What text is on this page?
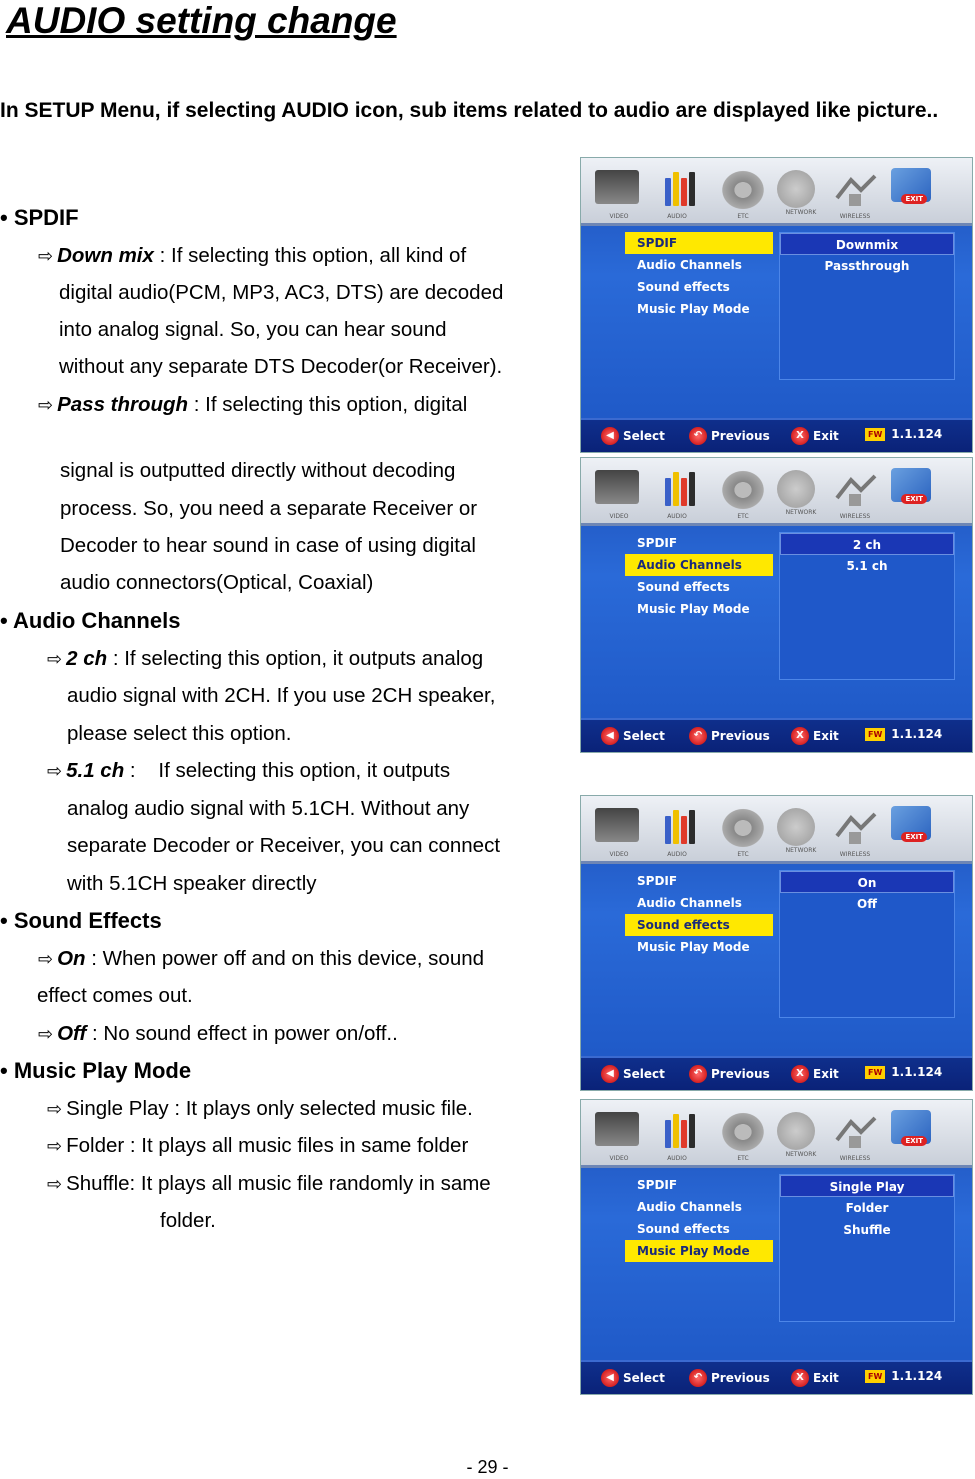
AUDIO setting change
In SETUP Menu, if selecting AUDIO icon, sub items related to audio are displayed like picture..
• SPDIF
⇨ Down mix : If selecting this option, all kind of
digital audio(PCM, MP3, AC3, DTS) are decoded
into analog signal. So, you can hear sound
without any separate DTS Decoder(or Receiver).
⇨ Pass through : If selecting this option, digital
signal is outputted directly without decoding
process. So, you need a separate Receiver or
Decoder to hear sound in case of using digital
audio connectors(Optical, Coaxial)
• Audio Channels
⇨ 2 ch : If selecting this option, it outputs analog
audio signal with 2CH. If you use 2CH speaker,
please select this option.
⇨ 5.1 ch :    If selecting this option, it outputs
analog audio signal with 5.1CH. Without any
separate Decoder or Receiver, you can connect
with 5.1CH speaker directly
• Sound Effects
⇨ On : When power off and on this device, sound
effect comes out.
⇨ Off : No sound effect in power on/off..
• Music Play Mode
⇨ Single Play : It plays only selected music file.
⇨ Folder : It plays all music files in same folder
⇨ Shuffle: It plays all music file randomly in same
folder.
- 29 -
VIDEO	AUDIO	ETC
NETWORK
WIRELESS
EXIT
SPDIF
Audio Channels
Sound effects
Music Play Mode
Downmix
Passthrough
◀ Select	↶ Previous	X Exit	FW 1.1.124
VIDEO	AUDIO	ETC
NETWORK
WIRELESS
EXIT
SPDIF
Audio Channels
Sound effects
Music Play Mode
2 ch
5.1 ch
◀ Select	↶ Previous	X Exit	FW 1.1.124
VIDEO	AUDIO	ETC
NETWORK
WIRELESS
EXIT
SPDIF
Audio Channels
Sound effects
Music Play Mode
On
Off
◀ Select	↶ Previous	X Exit	FW 1.1.124
VIDEO	AUDIO	ETC
NETWORK
WIRELESS
EXIT
SPDIF
Audio Channels
Sound effects
Music Play Mode
Single Play
Folder
Shuffle
◀ Select	↶ Previous	X Exit	FW 1.1.124
